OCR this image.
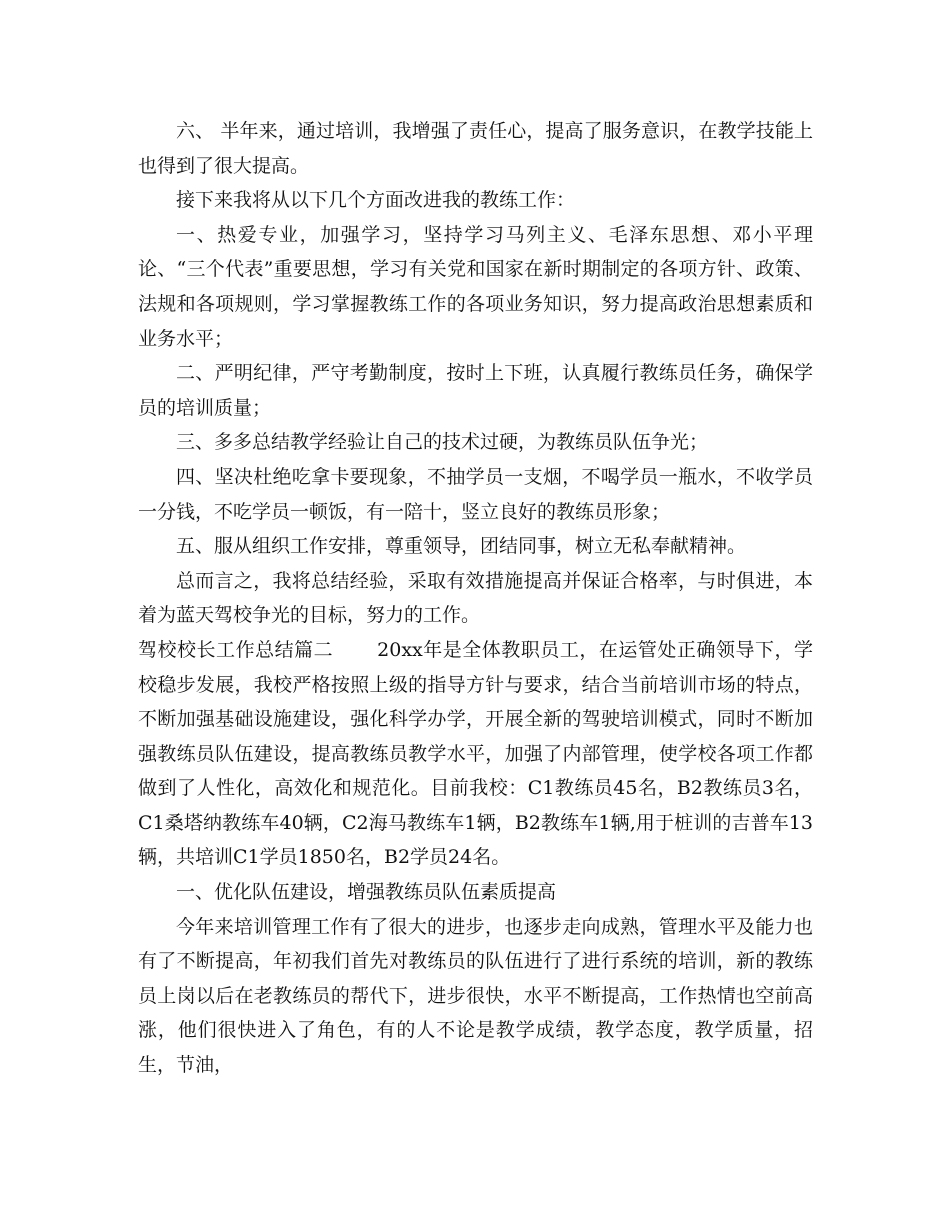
六、 半年来，通过培训，我增强了责任心，提高了服务意识，在教学技能上也得到了很大提高。

接下来我将从以下几个方面改进我的教练工作：

一、热爱专业，加强学习，坚持学习马列主义、毛泽东思想、邓小平理论、“三个代表”重要思想，学习有关党和国家在新时期制定的各项方针、政策、法规和各项规则，学习掌握教练工作的各项业务知识，努力提高政治思想素质和业务水平；

二、严明纪律，严守考勤制度，按时上下班，认真履行教练员任务，确保学员的培训质量；

三、多多总结教学经验让自己的技术过硬，为教练员队伍争光；

四、坚决杜绝吃拿卡要现象，不抽学员一支烟，不喝学员一瓶水，不收学员一分钱，不吃学员一顿饭，有一陪十，竖立良好的教练员形象；

五、服从组织工作安排，尊重领导，团结同事，树立无私奉献精神。

总而言之，我将总结经验，采取有效措施提高并保证合格率，与时俱进，本着为蓝天驾校争光的目标，努力的工作。

驾校校长工作总结篇二 20xx年是全体教职员工，在运管处正确领导下，学校稳步发展，我校严格按照上级的指导方针与要求，结合当前培训市场的特点，不断加强基础设施建设，强化科学办学，开展全新的驾驶培训模式，同时不断加强教练员队伍建设，提高教练员教学水平，加强了内部管理，使学校各项工作都做到了人性化，高效化和规范化。目前我校：C1教练员45名，B2教练员3名，C1桑塔纳教练车40辆，C2海马教练车1辆，B2教练车1辆,用于桩训的吉普车13辆，共培训C1学员1850名，B2学员24名。

一、优化队伍建设，增强教练员队伍素质提高

今年来培训管理工作有了很大的进步，也逐步走向成熟，管理水平及能力也有了不断提高，年初我们首先对教练员的队伍进行了进行系统的培训，新的教练员上岗以后在老教练员的帮代下，进步很快，水平不断提高，工作热情也空前高涨，他们很快进入了角色，有的人不论是教学成绩，教学态度，教学质量，招生，节油，
